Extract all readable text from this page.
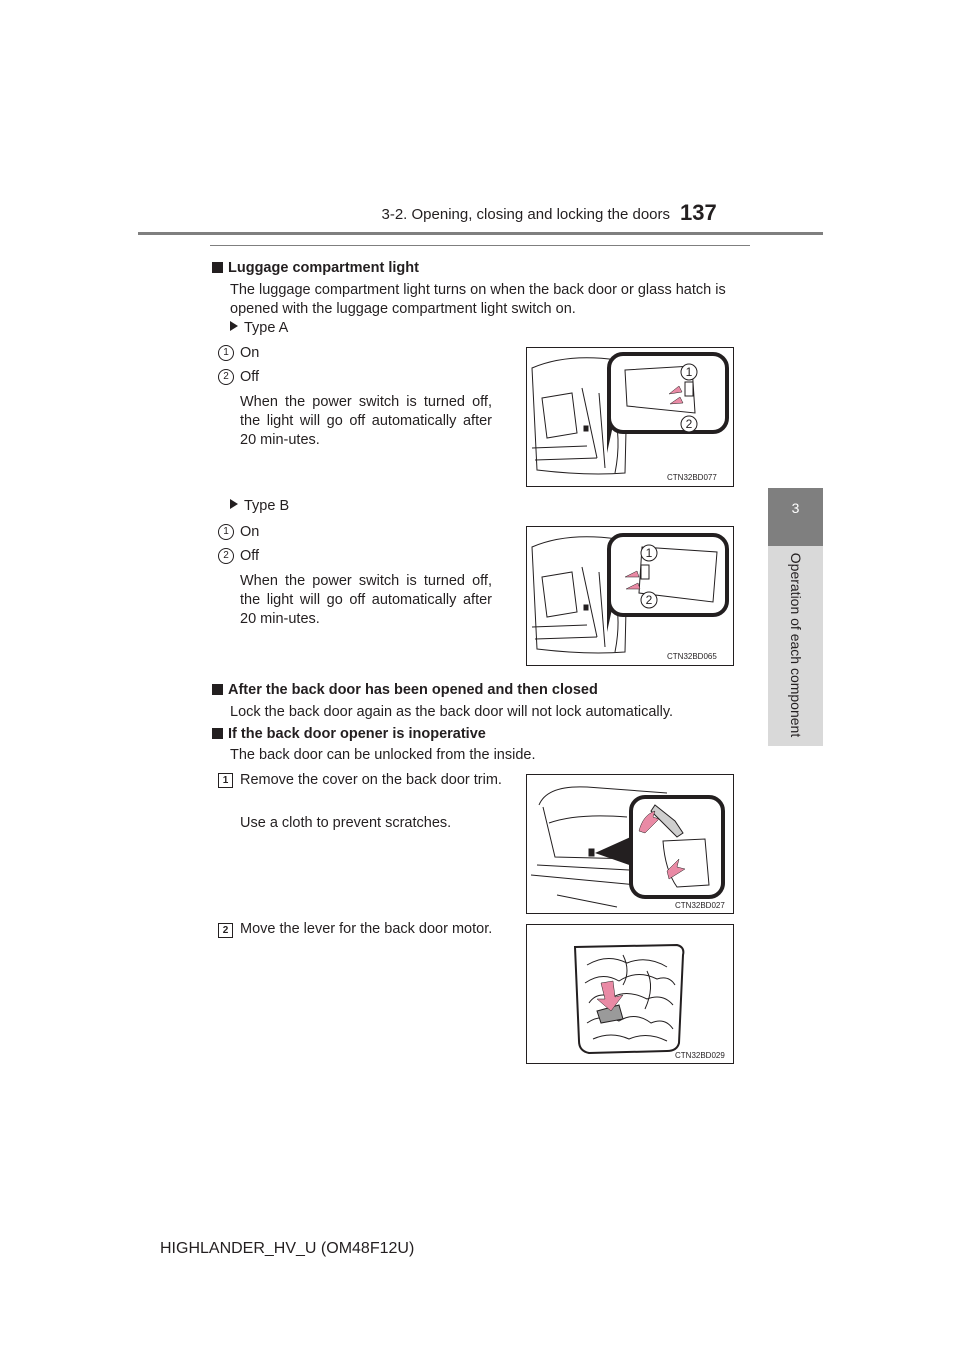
3-2. Opening, closing and locking the doors 137
3
Operation of each component
Luggage compartment light
The luggage compartment light turns on when the back door or glass hatch is opened with the luggage compartment light switch on.
Type A
1 On
2 Off
When the power switch is turned off, the light will go off automatically after 20 min-utes.
1
2
CTN32BD077
Type B
1 On
2 Off
When the power switch is turned off, the light will go off automatically after 20 min-utes.
1
2
CTN32BD065
After the back door has been opened and then closed
Lock the back door again as the back door will not lock automatically.
If the back door opener is inoperative
The back door can be unlocked from the inside.
1 Remove the cover on the back door trim.
Use a cloth to prevent scratches.
CTN32BD027
2 Move the lever for the back door motor.
CTN32BD029
HIGHLANDER_HV_U (OM48F12U)
